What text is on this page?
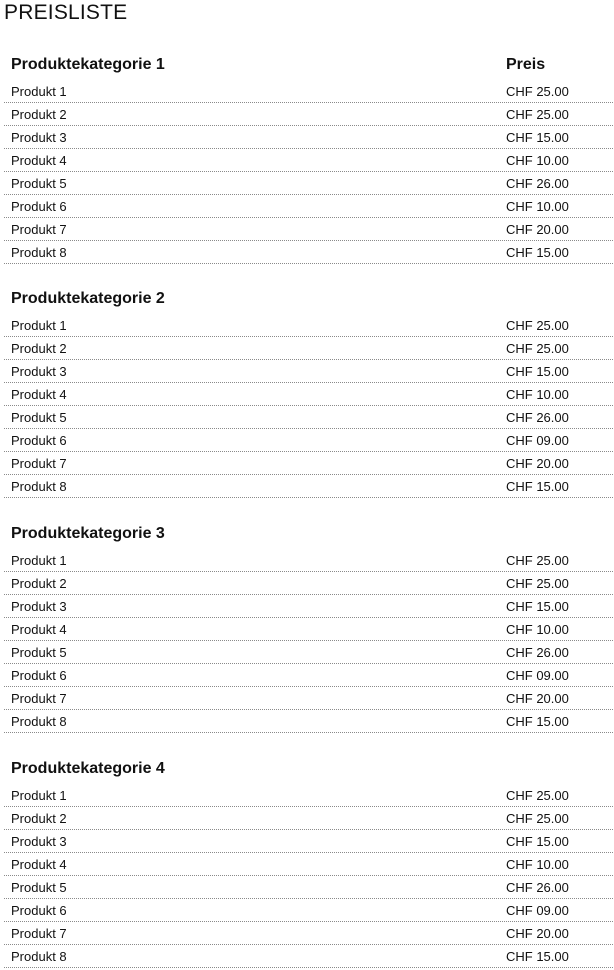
PREISLISTE
Produktekategorie 1	Preis
Produkt 1	CHF 25.00
Produkt 2	CHF 25.00
Produkt 3	CHF 15.00
Produkt 4	CHF 10.00
Produkt 5	CHF 26.00
Produkt 6	CHF 10.00
Produkt 7	CHF 20.00
Produkt 8	CHF 15.00
Produktekategorie 2
Produkt 1	CHF 25.00
Produkt 2	CHF 25.00
Produkt 3	CHF 15.00
Produkt 4	CHF 10.00
Produkt 5	CHF 26.00
Produkt 6	CHF 09.00
Produkt 7	CHF 20.00
Produkt 8	CHF 15.00
Produktekategorie 3
Produkt 1	CHF 25.00
Produkt 2	CHF 25.00
Produkt 3	CHF 15.00
Produkt 4	CHF 10.00
Produkt 5	CHF 26.00
Produkt 6	CHF 09.00
Produkt 7	CHF 20.00
Produkt 8	CHF 15.00
Produktekategorie 4
Produkt 1	CHF 25.00
Produkt 2	CHF 25.00
Produkt 3	CHF 15.00
Produkt 4	CHF 10.00
Produkt 5	CHF 26.00
Produkt 6	CHF 09.00
Produkt 7	CHF 20.00
Produkt 8	CHF 15.00
